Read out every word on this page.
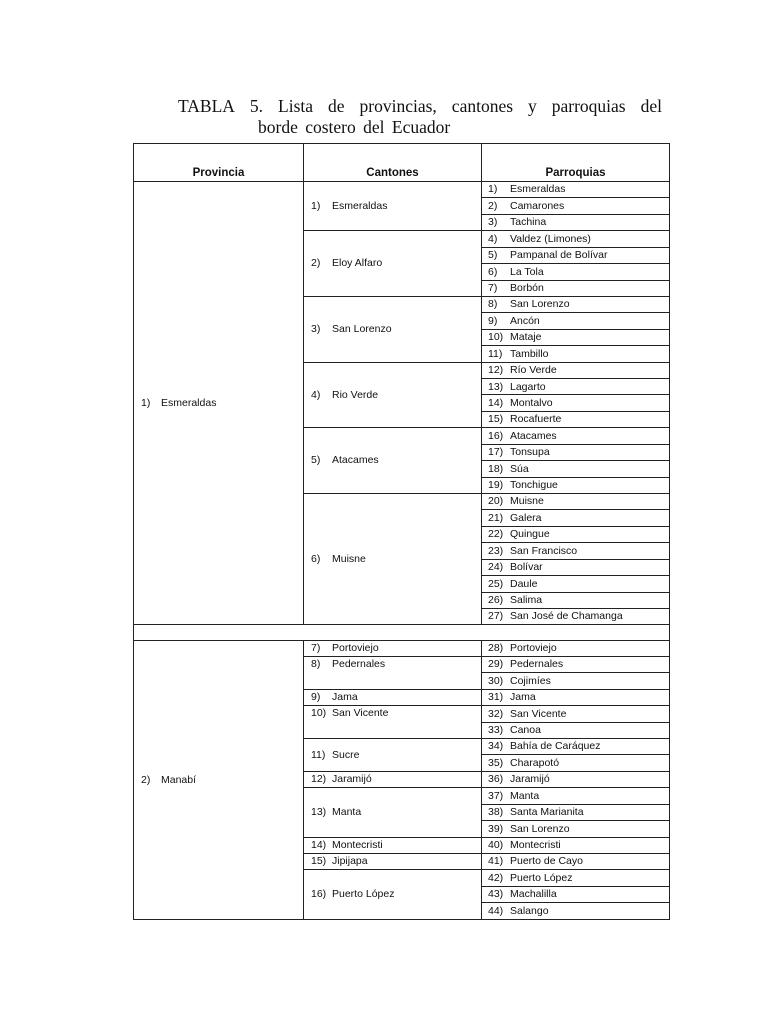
TABLA 5. Lista de provincias, cantones y parroquias del
borde costero del Ecuador
Provincia	Cantones	Parroquias
1) Esmeraldas	1) Esmeraldas	1) Esmeraldas
		2) Camarones
		3) Tachina
	2) Eloy Alfaro	4) Valdez (Limones)
		5) Pampanal de Bolívar
		6) La Tola
		7) Borbón
	3) San Lorenzo	8) San Lorenzo
		9) Ancón
		10) Mataje
		11) Tambillo
	4) Rio Verde	12) Río Verde
		13) Lagarto
		14) Montalvo
		15) Rocafuerte
	5) Atacames	16) Atacames
		17) Tonsupa
		18) Súa
		19) Tonchigue
	6) Muisne	20) Muisne
		21) Galera
		22) Quingue
		23) San Francisco
		24) Bolívar
		25) Daule
		26) Salima
		27) San José de Chamanga

2) Manabí	7) Portoviejo	28) Portoviejo
	8) Pedernales	29) Pedernales
		30) Cojimíes
	9) Jama	31) Jama
	10) San Vicente	32) San Vicente
		33) Canoa
	11) Sucre	34) Bahía de Caráquez
		35) Charapotó
	12) Jaramijó	36) Jaramijó
	13) Manta	37) Manta
		38) Santa Marianita
		39) San Lorenzo
	14) Montecristi	40) Montecristi
	15) Jipijapa	41) Puerto de Cayo
	16) Puerto López	42) Puerto López
		43) Machalilla
		44) Salango
